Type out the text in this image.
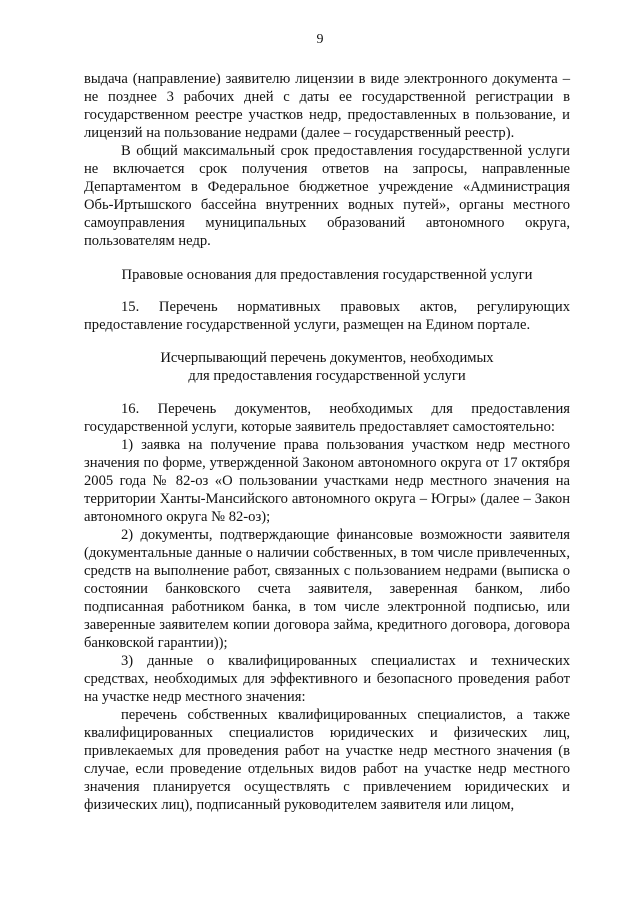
9

выдача (направление) заявителю лицензии в виде электронного документа – не позднее 3 рабочих дней с даты ее государственной регистрации в государственном реестре участков недр, предоставленных в пользование, и лицензий на пользование недрами (далее – государственный реестр).

В общий максимальный срок предоставления государственной услуги не включается срок получения ответов на запросы, направленные Департаментом в Федеральное бюджетное учреждение «Администрация Обь-Иртышского бассейна внутренних водных путей», органы местного самоуправления муниципальных образований автономного округа, пользователям недр.

Правовые основания для предоставления государственной услуги

15. Перечень нормативных правовых актов, регулирующих предоставление государственной услуги, размещен на Едином портале.

Исчерпывающий перечень документов, необходимых

для предоставления государственной услуги

16. Перечень документов, необходимых для предоставления государственной услуги, которые заявитель предоставляет самостоятельно:

1) заявка на получение права пользования участком недр местного значения по форме, утвержденной Законом автономного округа от 17 октября 2005 года № 82-оз «О пользовании участками недр местного значения на территории Ханты-Мансийского автономного округа – Югры» (далее – Закон автономного округа № 82-оз);

2) документы, подтверждающие финансовые возможности заявителя (документальные данные о наличии собственных, в том числе привлеченных, средств на выполнение работ, связанных с пользованием недрами (выписка о состоянии банковского счета заявителя, заверенная банком, либо подписанная работником банка, в том числе электронной подписью, или заверенные заявителем копии договора займа, кредитного договора, договора банковской гарантии));

3) данные о квалифицированных специалистах и технических средствах, необходимых для эффективного и безопасного проведения работ на участке недр местного значения:

перечень собственных квалифицированных специалистов, а также квалифицированных специалистов юридических и физических лиц, привлекаемых для проведения работ на участке недр местного значения (в случае, если проведение отдельных видов работ на участке недр местного значения планируется осуществлять с привлечением юридических и физических лиц), подписанный руководителем заявителя или лицом,
